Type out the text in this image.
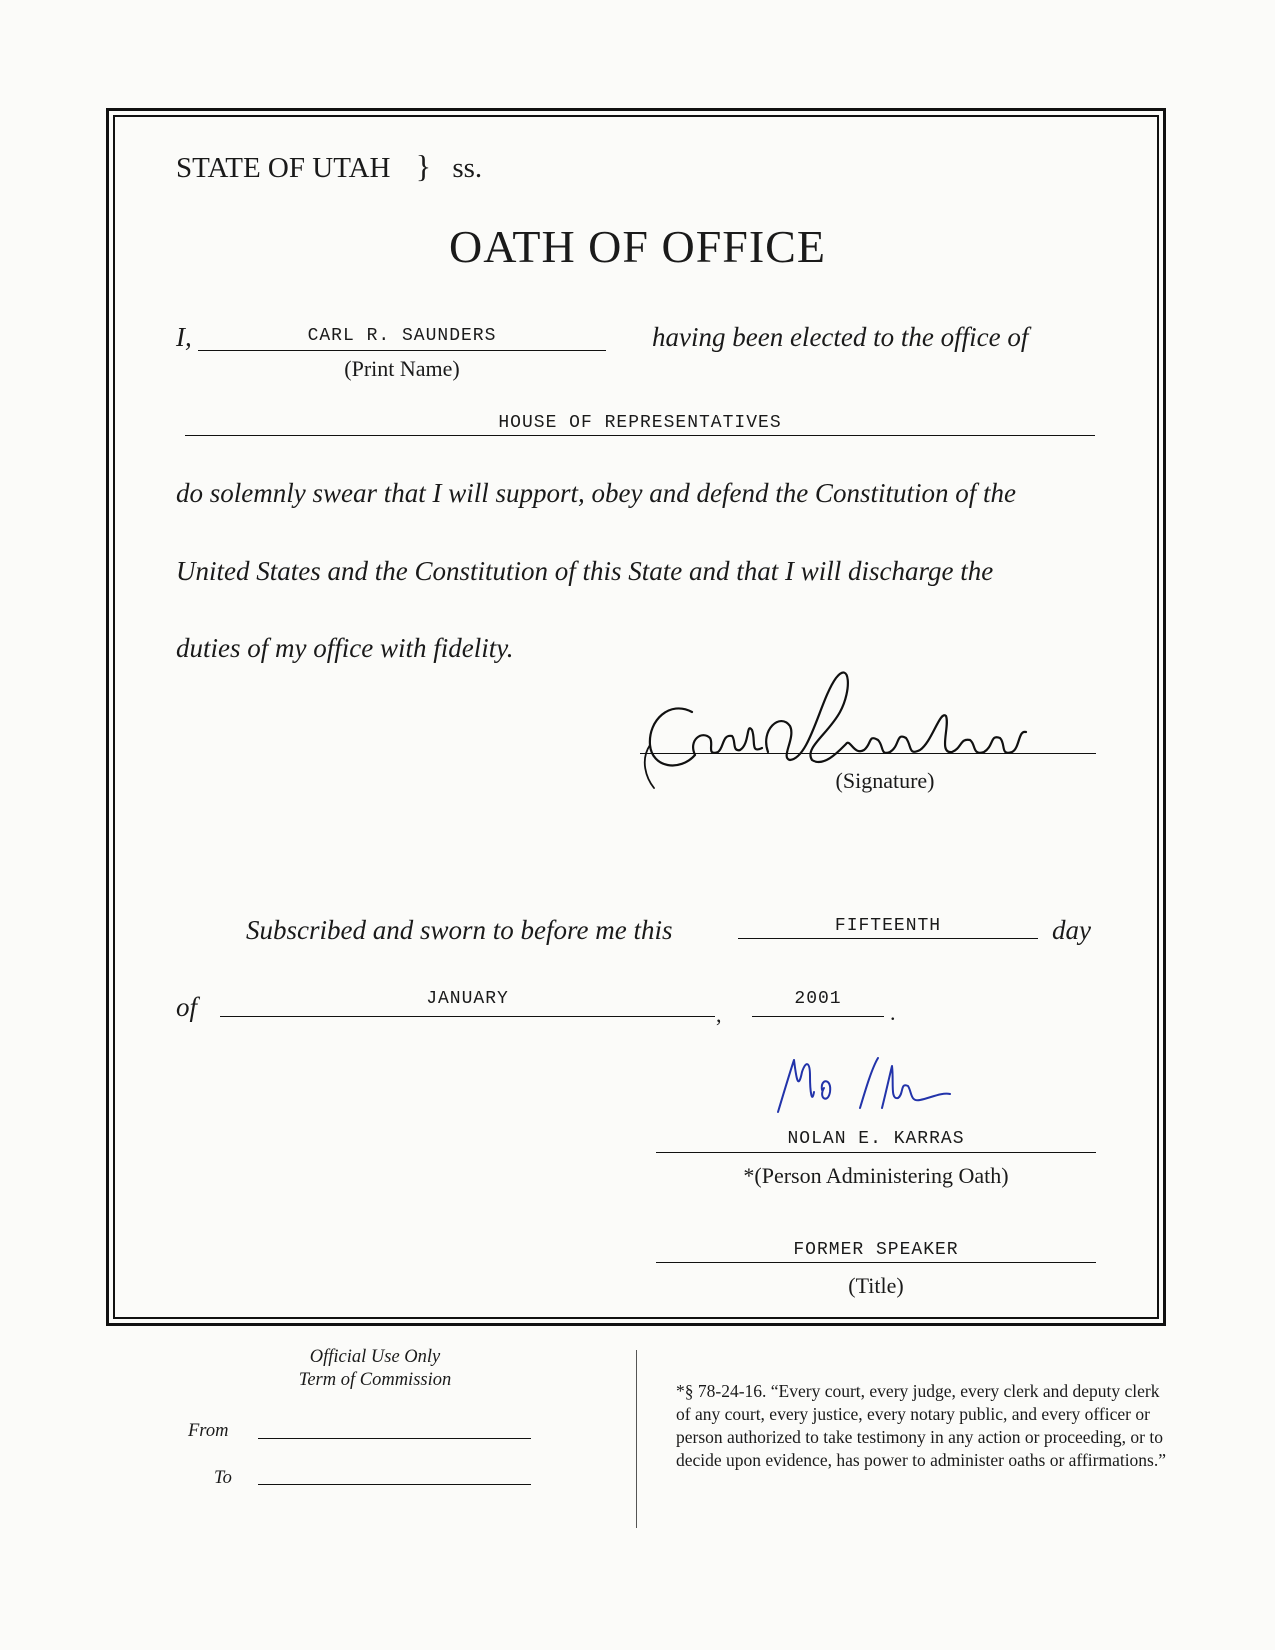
STATE OF UTAH } ss.
OATH OF OFFICE
I,	CARL R. SAUNDERS
(Print Name)
having been elected to the office of
HOUSE OF REPRESENTATIVES
do solemnly swear that I will support, obey and defend the Constitution of the
United States and the Constitution of this State and that I will discharge the
duties of my office with fidelity.
(Signature)
Subscribed and sworn to before me this	FIFTEENTH	day
of	JANUARY
,
2001
.
NOLAN E. KARRAS
*(Person Administering Oath)
FORMER SPEAKER
(Title)
Official Use Only
Term of Commission
From
To
*§ 78-24-16. “Every court, every judge, every clerk and deputy clerk of any court, every justice, every notary public, and every officer or person authorized to take testimony in any action or proceeding, or to decide upon evidence, has power to administer oaths or affirmations.”
